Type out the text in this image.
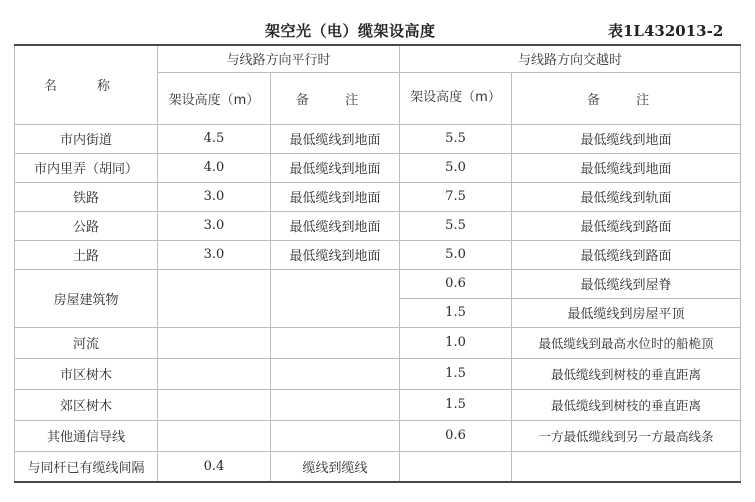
架空光（电）缆架设高度	表1L432013-2
名 称	与线路方向平行时		与线路方向交越时	
	架设高度（m）	备 注	架设高度（m）	备 注
市内街道	4.5	最低缆线到地面	5.5	最低缆线到地面
市内里弄（胡同）	4.0	最低缆线到地面	5.0	最低缆线到地面
铁路	3.0	最低缆线到地面	7.5	最低缆线到轨面
公路	3.0	最低缆线到地面	5.5	最低缆线到路面
土路	3.0	最低缆线到地面	5.0	最低缆线到路面
房屋建筑物			0.6	最低缆线到屋脊
			1.5	最低缆线到房屋平顶
河流			1.0	最低缆线到最高水位时的船桅顶
市区树木			1.5	最低缆线到树枝的垂直距离
郊区树木			1.5	最低缆线到树枝的垂直距离
其他通信导线			0.6	一方最低缆线到另一方最高线条
与同杆已有缆线间隔	0.4	缆线到缆线		
